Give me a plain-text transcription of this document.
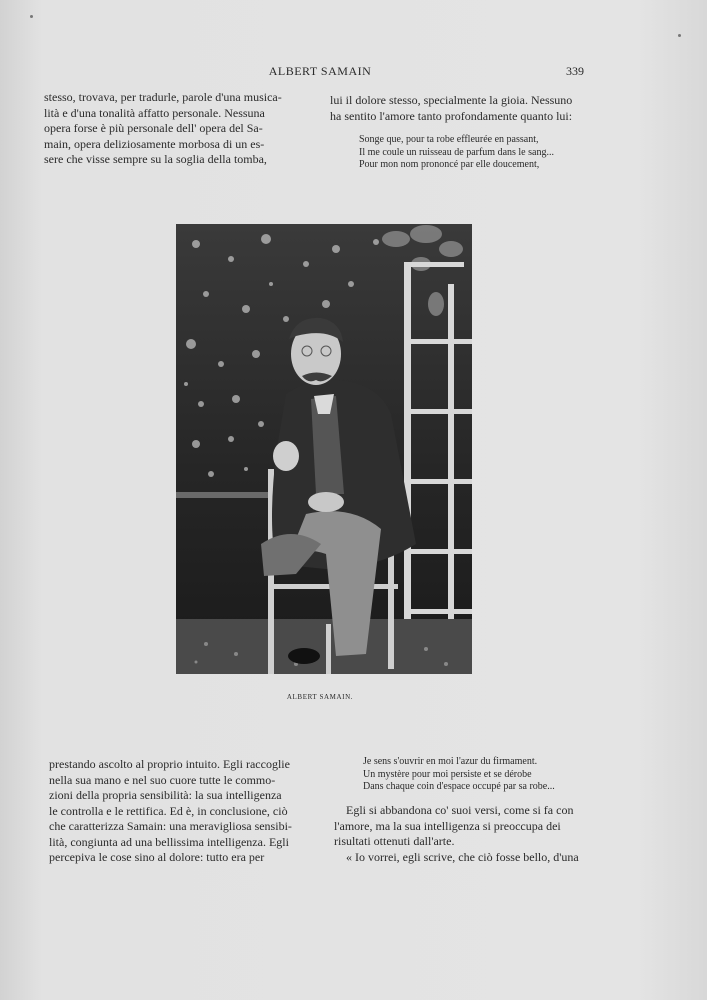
ALBERT SAMAIN	339
stesso, trovava, per tradurle, parole d'una musica-
lità e d'una tonalità affatto personale. Nessuna
opera forse è più personale dell' opera del Sa-
main, opera deliziosamente morbosa di un es-
sere che visse sempre su la soglia della tomba,
lui il dolore stesso, specialmente la gioia. Nessuno
ha sentito l'amore tanto profondamente quanto lui:
Songe que, pour ta robe effleurée en passant,
Il me coule un ruisseau de parfum dans le sang...
Pour mon nom prononcé par elle doucement,
ALBERT SAMAIN.
prestando ascolto al proprio intuito. Egli raccoglie
nella sua mano e nel suo cuore tutte le commo-
zioni della propria sensibilità: la sua intelligenza
le controlla e le rettifica. Ed è, in conclusione, ciò
che caratterizza Samain: una meravigliosa sensibi-
lità, congiunta ad una bellissima intelligenza. Egli
percepiva le cose sino al dolore: tutto era per
Je sens s'ouvrir en moi l'azur du firmament.
Un mystère pour moi persiste et se dérobe
Dans chaque coin d'espace occupé par sa robe...
Egli si abbandona co' suoi versi, come si fa con
l'amore, ma la sua intelligenza si preoccupa dei
risultati ottenuti dall'arte.
« Io vorrei, egli scrive, che ciò fosse bello, d'una
